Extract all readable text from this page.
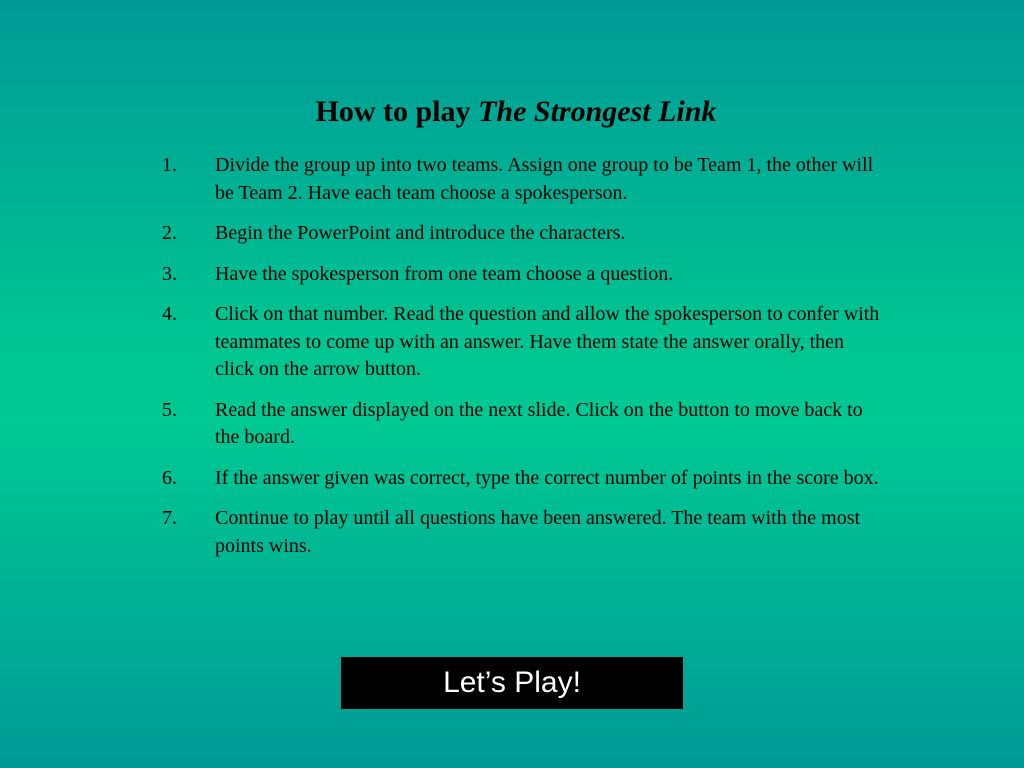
How to play The Strongest Link
1.	Divide the group up into two teams. Assign one group to be Team 1, the other will be Team 2. Have each team choose a spokesperson.
2.	Begin the PowerPoint and introduce the characters.
3.	Have the spokesperson from one team choose a question.
4.	Click on that number. Read the question and allow the spokesperson to confer with teammates to come up with an answer. Have them state the answer orally, then click on the arrow button.
5.	Read the answer displayed on the next slide. Click on the button to move back to the board.
6.	If the answer given was correct, type the correct number of points in the score box.
7.	Continue to play until all questions have been answered. The team with the most points wins.
Let’s Play!
